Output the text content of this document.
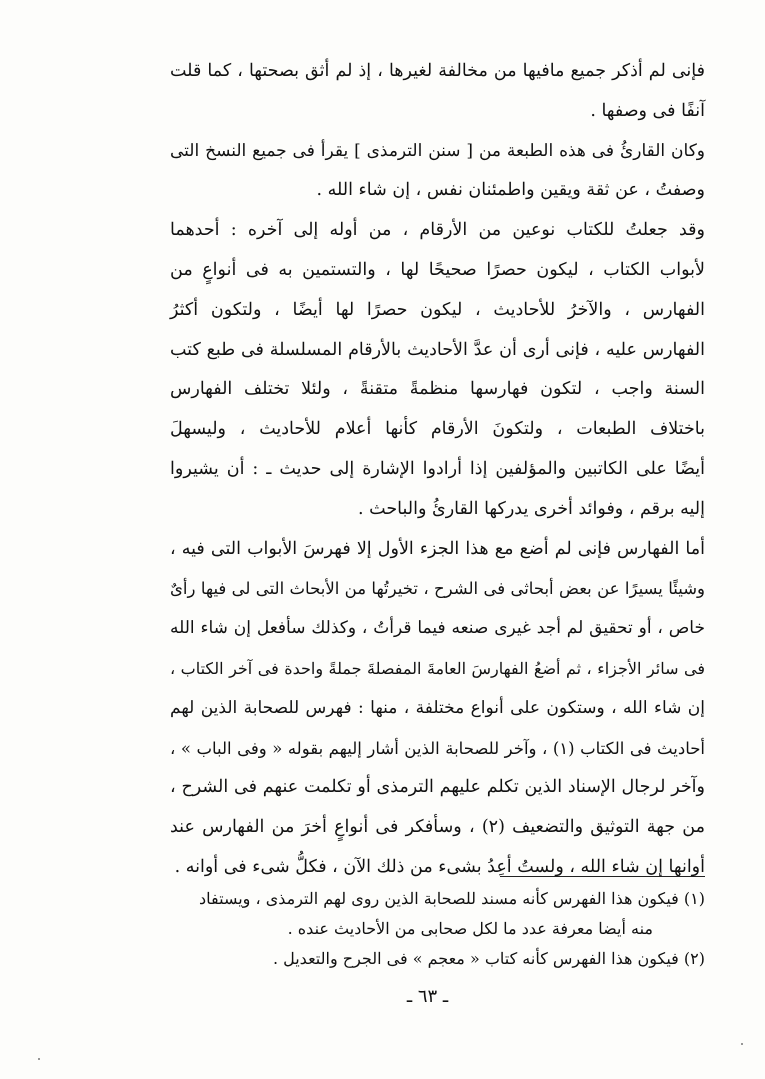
فإنى لم أذكر جميع مافيها من مخالفة لغيرها ، إذ لم أثق بصحتها ، كما قلت
آنفًا فى وصفها .

وكان القارئُ فى هذه الطبعة من [ سنن الترمذى ] يقرأ فى جميع النسخ التى
وصفتُ ، عن ثقة ويقين واطمئنان نفس ، إن شاء الله .

وقد جعلتُ للكتاب نوعين من الأرقام ، من أوله إلى آخره : أحدهما
لأبواب الكتاب ، ليكون حصرًا صحيحًا لها ، والتستمين به فى أنواعٍ من
الفهارس ، والآخرُ للأحاديث ، ليكون حصرًا لها أيضًا ، ولتكون أكثرُ
الفهارس عليه ، فإنى أرى أن عدَّ الأحاديث بالأرقام المسلسلة فى طبع كتب
السنة واجب ، لتكون فهارسها منظمةً متقنةً ، ولئلا تختلف الفهارس
باختلاف الطبعات ، ولتكونَ الأرقام كأنها أعلام للأحاديث ، وليسهلَ
أيضًا على الكاتبين والمؤلفين إذا أرادوا الإشارة إلى حديث ـ : أن يشيروا
إليه برقم ، وفوائد أخرى يدركها القارئُ والباحث .

أما الفهارس فإنى لم أضع مع هذا الجزء الأول إلا فهرسَ الأبواب التى فيه ،
وشيئًا يسيرًا عن بعض أبحاثى فى الشرح ، تخيرتُها من الأبحاث التى لى فيها رأىٌ
خاص ، أو تحقيق لم أجد غيرى صنعه فيما قرأتُ ، وكذلك سأفعل إن شاء الله
فى سائر الأجزاء ، ثم أضعُ الفهارسَ العامةَ المفصلةَ جملةً واحدة فى آخر الكتاب ،
إن شاء الله ، وستكون على أنواع مختلفة ، منها : فهرس للصحابة الذين لهم
أحاديث فى الكتاب (١) ، وآخر للصحابة الذين أشار إليهم بقوله « وفى الباب » ،
وآخر لرجال الإسناد الذين تكلم عليهم الترمذى أو تكلمت عنهم فى الشرح ،
من جهة التوثيق والتضعيف (٢) ، وسأفكر فى أنواعٍ أخرَ من الفهارس عند
أوانها إن شاء الله ، ولستُ أعِدُ بشىء من ذلك الآن ، فكلُّ شىء فى أوانه .

(١) فيكون هذا الفهرس كأنه مسند للصحابة الذين روى لهم الترمذى ، ويستفاد
منه أيضا معرفة عدد ما لكل صحابى من الأحاديث عنده .
(٢) فيكون هذا الفهرس كأنه كتاب « معجم » فى الجرح والتعديل .
ـ ٦٣ ـ
